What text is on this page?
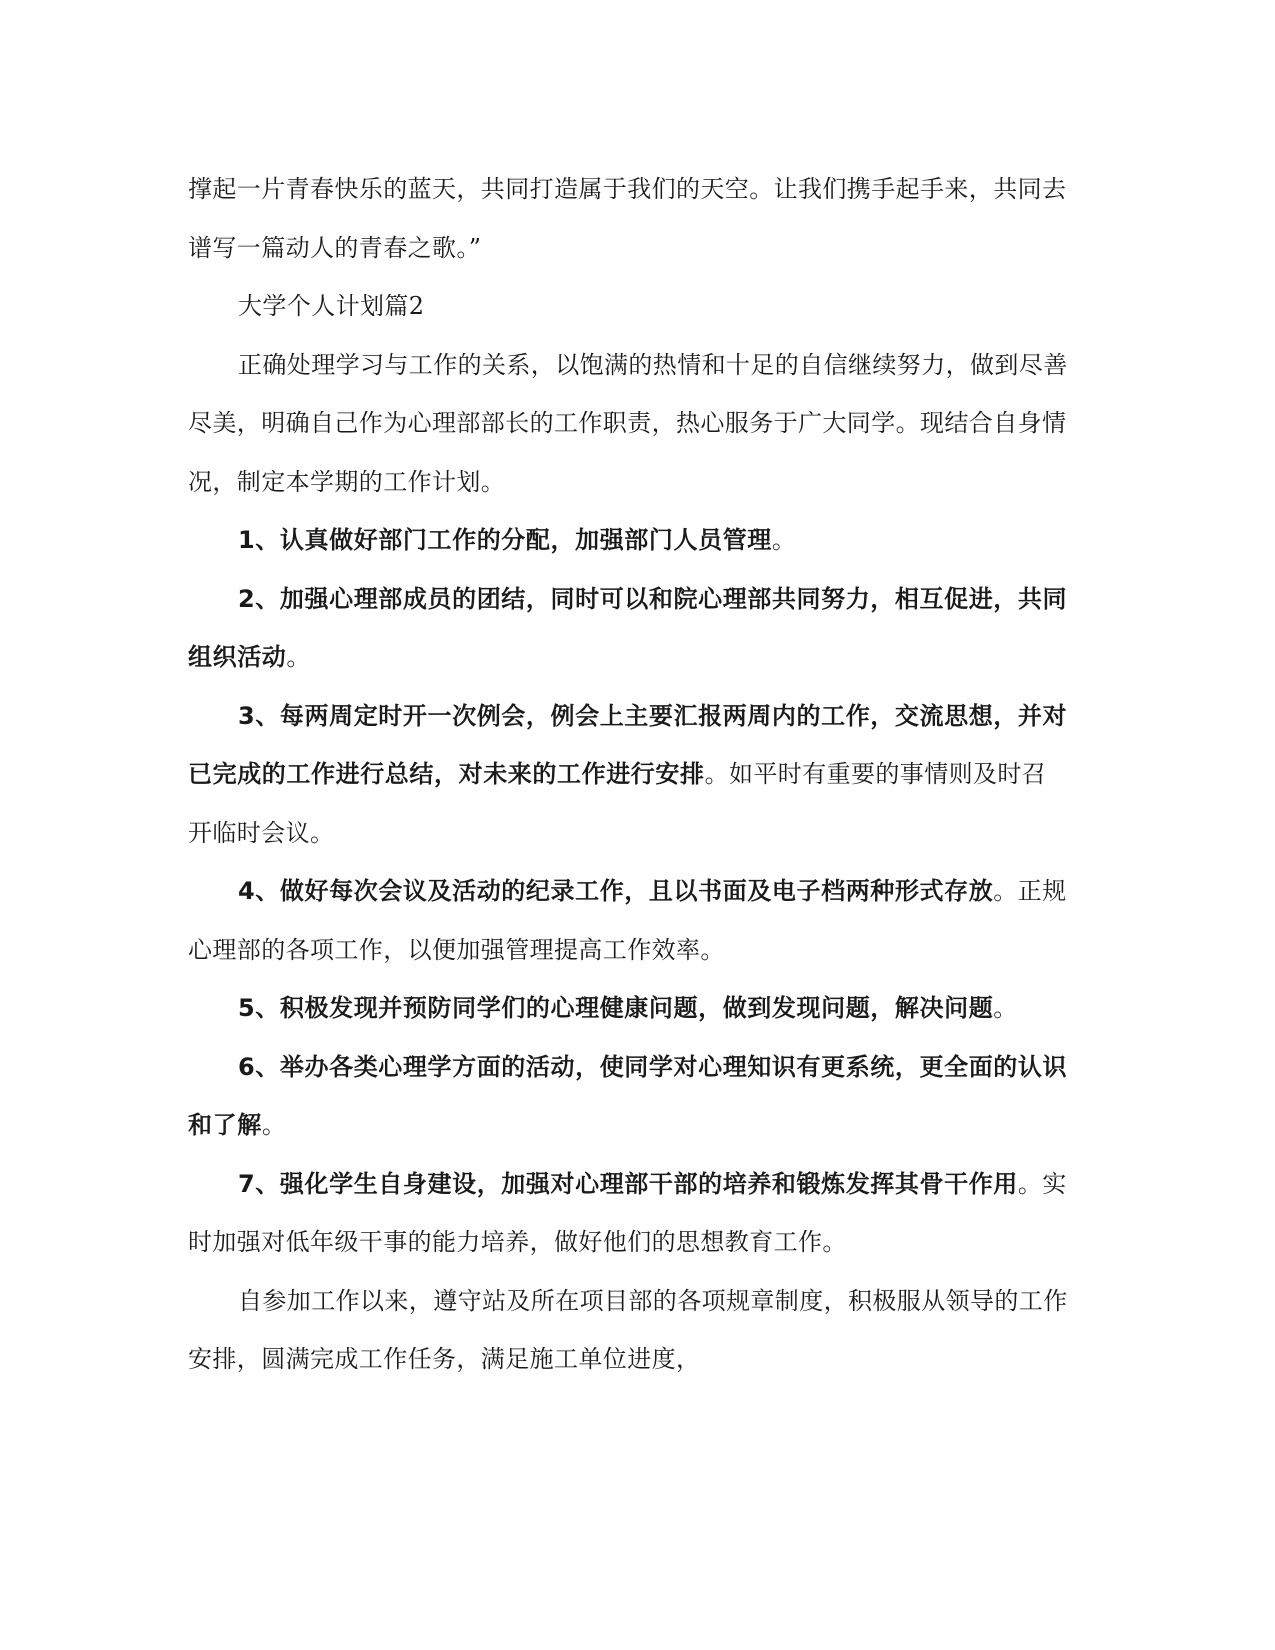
撑起一片青春快乐的蓝天，共同打造属于我们的天空。让我们携手起手来，共同去
谱写一篇动人的青春之歌。”
大学个人计划篇2
正确处理学习与工作的关系，以饱满的热情和十足的自信继续努力，做到尽善
尽美，明确自己作为心理部部长的工作职责，热心服务于广大同学。现结合自身情
况，制定本学期的工作计划。
1、认真做好部门工作的分配，加强部门人员管理。
2、加强心理部成员的团结，同时可以和院心理部共同努力，相互促进，共同
组织活动。
3、每两周定时开一次例会，例会上主要汇报两周内的工作，交流思想，并对
已完成的工作进行总结，对未来的工作进行安排。如平时有重要的事情则及时召
开临时会议。
4、做好每次会议及活动的纪录工作，且以书面及电子档两种形式存放。正规
心理部的各项工作，以便加强管理提高工作效率。
5、积极发现并预防同学们的心理健康问题，做到发现问题，解决问题。
6、举办各类心理学方面的活动，使同学对心理知识有更系统，更全面的认识
和了解。
7、强化学生自身建设，加强对心理部干部的培养和锻炼发挥其骨干作用。实
时加强对低年级干事的能力培养，做好他们的思想教育工作。
自参加工作以来，遵守站及所在项目部的各项规章制度，积极服从领导的工作
安排，圆满完成工作任务，满足施工单位进度，
